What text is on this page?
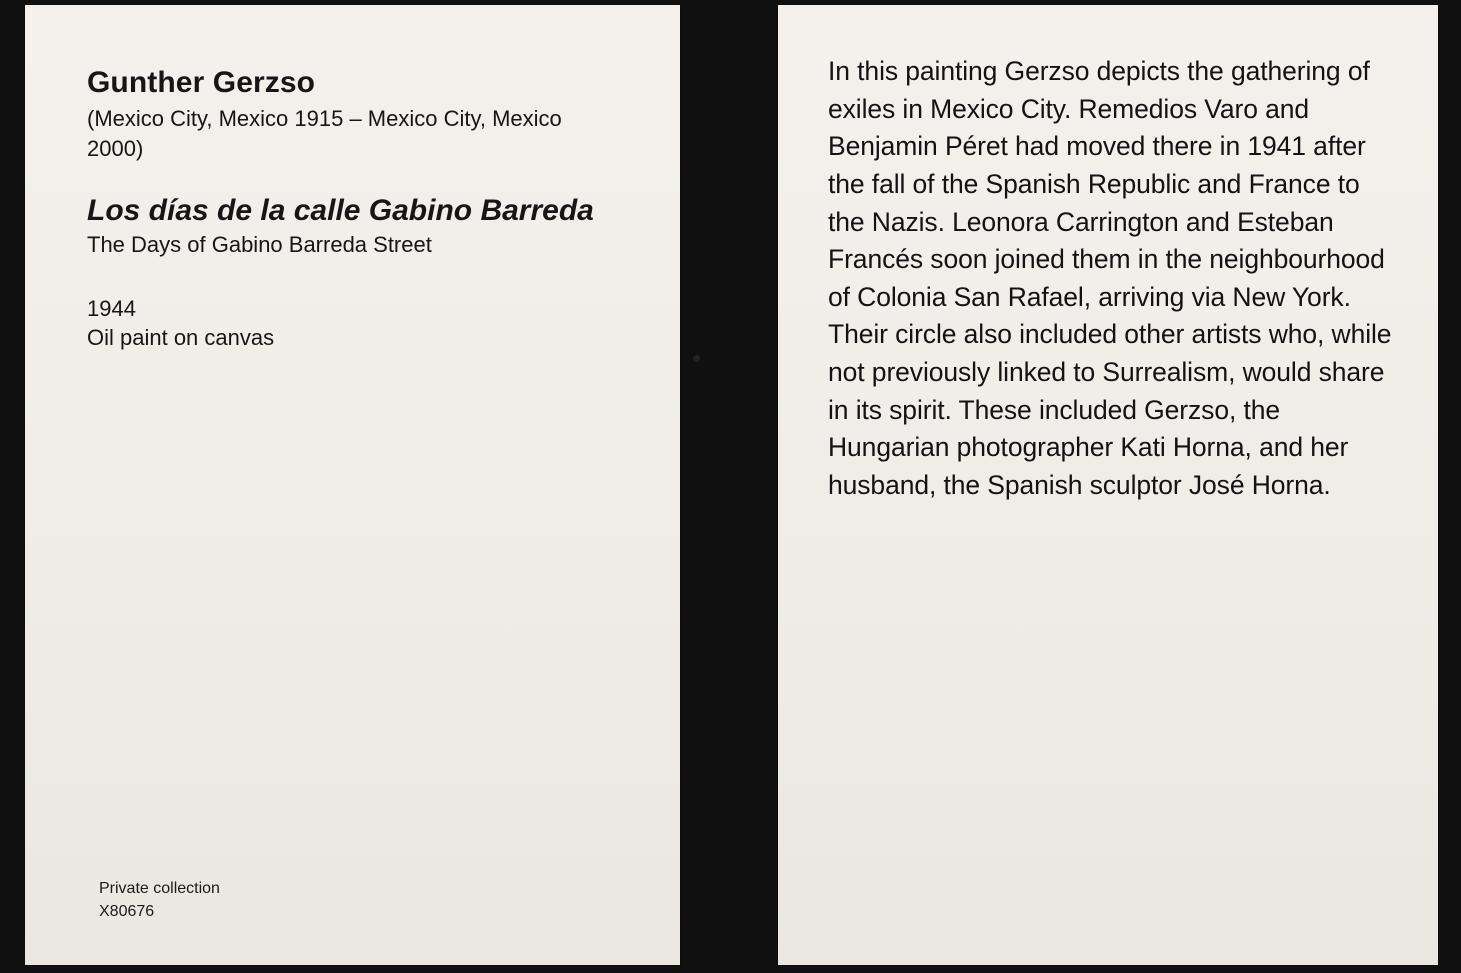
Gunther Gerzso

(Mexico City, Mexico 1915 – Mexico City, Mexico 2000)

Los días de la calle Gabino Barreda

The Days of Gabino Barreda Street

1944

Oil paint on canvas

Private collection
X80676

In this painting Gerzso depicts the gathering of exiles in Mexico City. Remedios Varo and Benjamin Péret had moved there in 1941 after the fall of the Spanish Republic and France to the Nazis. Leonora Carrington and Esteban Francés soon joined them in the neighbourhood of Colonia San Rafael, arriving via New York. Their circle also included other artists who, while not previously linked to Surrealism, would share in its spirit. These included Gerzso, the Hungarian photographer Kati Horna, and her husband, the Spanish sculptor José Horna.
